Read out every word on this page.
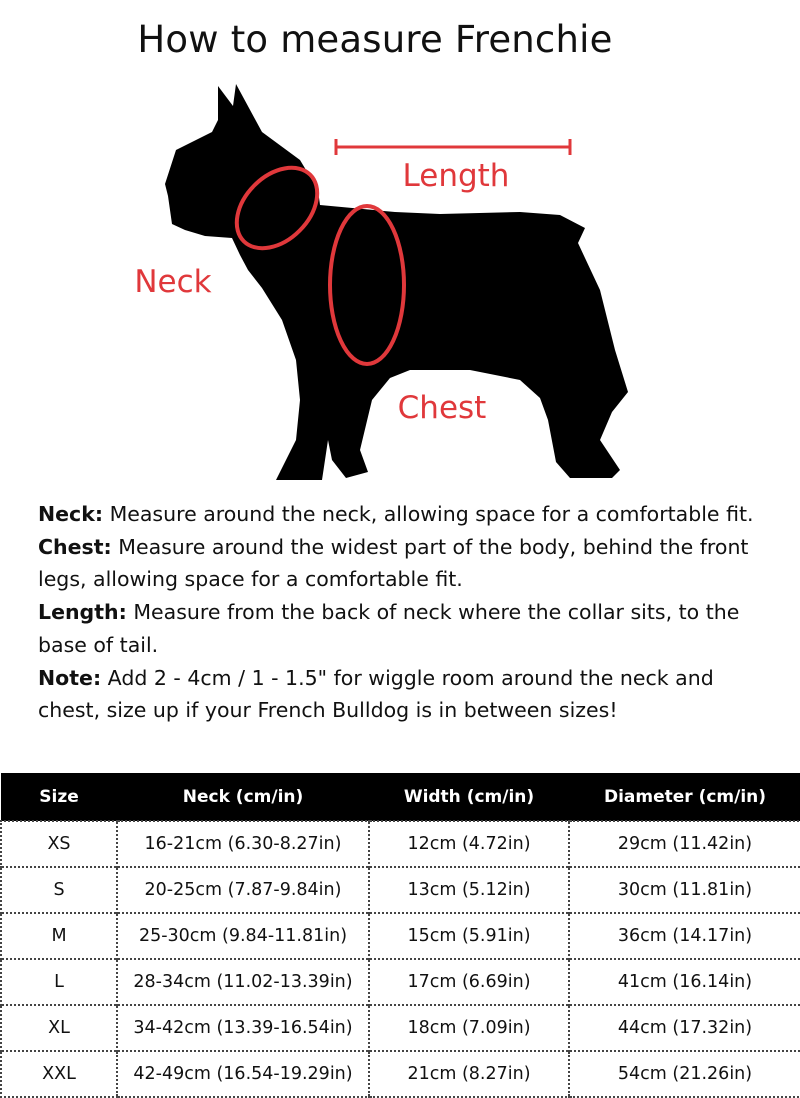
How to measure Frenchie
Length
Neck
Chest

Neck: Measure around the neck, allowing space for a comfortable fit.

Chest: Measure around the widest part of the body, behind the front legs, allowing space for a comfortable fit.

Length: Measure from the back of neck where the collar sits, to the base of tail.

Note: Add 2 - 4cm / 1 - 1.5" for wiggle room around the neck and chest, size up if your French Bulldog is in between sizes!

Size	Neck (cm/in)	Width (cm/in)	Diameter (cm/in)
XS	16-21cm (6.30-8.27in)	12cm (4.72in)	29cm (11.42in)
S	20-25cm (7.87-9.84in)	13cm (5.12in)	30cm (11.81in)
M	25-30cm (9.84-11.81in)	15cm (5.91in)	36cm (14.17in)
L	28-34cm (11.02-13.39in)	17cm (6.69in)	41cm (16.14in)
XL	34-42cm (13.39-16.54in)	18cm (7.09in)	44cm (17.32in)
XXL	42-49cm (16.54-19.29in)	21cm (8.27in)	54cm (21.26in)
